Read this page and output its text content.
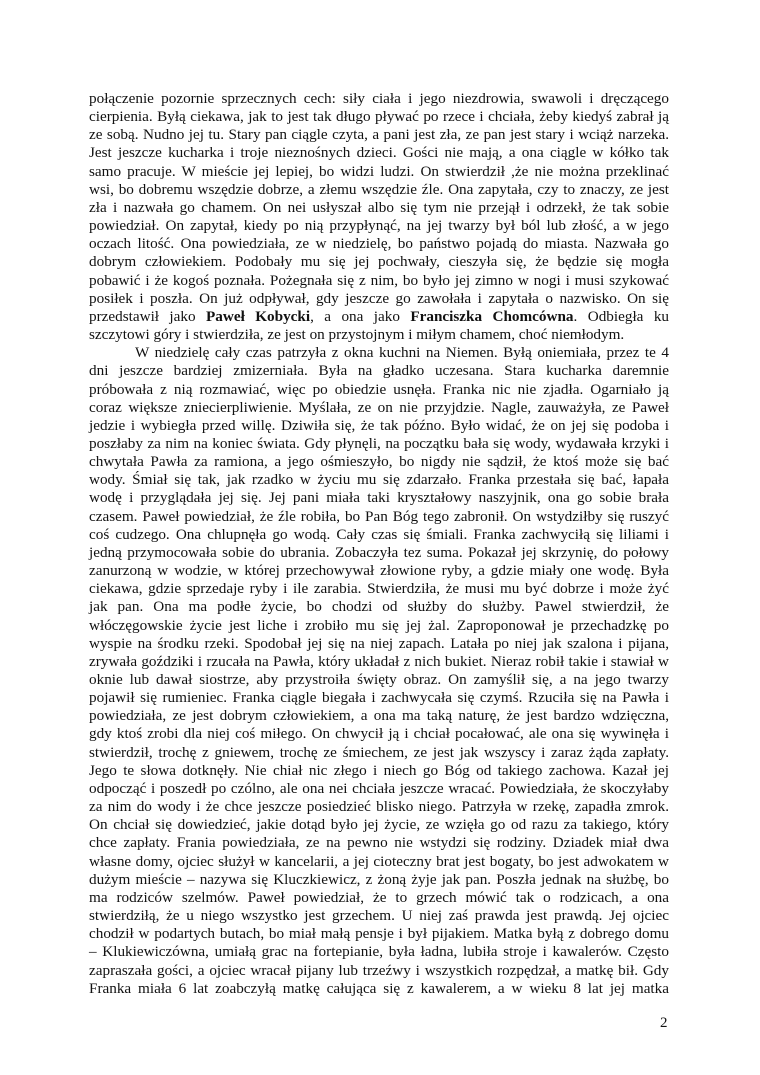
połączenie pozornie sprzecznych cech: siły ciała i jego niezdrowia, swawoli i dręczącego
cierpienia. Byłą ciekawa, jak to jest tak długo pływać po rzece i chciała, żeby kiedyś zabrał ją
ze sobą. Nudno jej tu. Stary pan ciągle czyta, a pani jest zła, ze pan jest stary i wciąż narzeka.
Jest jeszcze kucharka i troje nieznośnych dzieci. Gości nie mają, a ona ciągle w kółko tak
samo pracuje. W mieście jej lepiej, bo widzi ludzi. On stwierdził ,że nie można przeklinać
wsi, bo dobremu wszędzie dobrze, a złemu wszędzie źle. Ona zapytała, czy to znaczy, ze jest
zła i nazwała go chamem. On nei usłyszał albo się tym nie przejął i odrzekł, że tak sobie
powiedział. On zapytał, kiedy po nią przypłynąć, na jej twarzy był ból lub złość, a w jego
oczach litość. Ona powiedziała, ze w niedzielę, bo państwo pojadą do miasta. Nazwała go
dobrym człowiekiem. Podobały mu się jej pochwały, cieszyła się, że będzie się mogła
pobawić i że kogoś poznała. Pożegnała się z nim, bo było jej zimno w nogi i musi szykować
posiłek i poszła. On już odpływał, gdy jeszcze go zawołała i zapytała o nazwisko. On się
przedstawił jako Paweł Kobycki, a ona jako Franciszka Chomcówna. Odbiegła ku
szczytowi góry i stwierdziła, ze jest on przystojnym i miłym chamem, choć niemłodym.
W niedzielę cały czas patrzyła z okna kuchni na Niemen. Byłą oniemiała, przez te 4
dni jeszcze bardziej zmizerniała. Była na gładko uczesana. Stara kucharka daremnie
próbowała z nią rozmawiać, więc po obiedzie usnęła. Franka nic nie zjadła. Ogarniało ją
coraz większe zniecierpliwienie. Myślała, ze on nie przyjdzie. Nagle, zauważyła, ze Paweł
jedzie i wybiegła przed willę. Dziwiła się, że tak późno. Było widać, że on jej się podoba i
poszłaby za nim na koniec świata. Gdy płynęli, na początku bała się wody, wydawała krzyki i
chwytała Pawła za ramiona, a jego ośmieszyło, bo nigdy nie sądził, że ktoś może się bać
wody. Śmiał się tak, jak rzadko w życiu mu się zdarzało. Franka przestała się bać, łapała
wodę i przyglądała jej się. Jej pani miała taki kryształowy naszyjnik, ona go sobie brała
czasem. Paweł powiedział, że źle robiła, bo Pan Bóg tego zabronił. On wstydziłby się ruszyć
coś cudzego. Ona chlupnęła go wodą. Cały czas się śmiali. Franka zachwyciłą się liliami i
jedną przymocowała sobie do ubrania. Zobaczyła tez suma. Pokazał jej skrzynię, do połowy
zanurzoną w wodzie, w której przechowywał złowione ryby, a gdzie miały one wodę. Była
ciekawa, gdzie sprzedaje ryby i ile zarabia. Stwierdziła, że musi mu być dobrze i może żyć
jak pan. Ona ma podłe życie, bo chodzi od służby do służby. Pawel stwierdził, że
włóczęgowskie życie jest liche i zrobiło mu się jej żal. Zaproponował je przechadzkę po
wyspie na środku rzeki. Spodobał jej się na niej zapach. Latała po niej jak szalona i pijana,
zrywała goździki i rzucała na Pawła, który układał z nich bukiet. Nieraz robił takie i stawiał w
oknie lub dawał siostrze, aby przystroiła święty obraz. On zamyślił się, a na jego twarzy
pojawił się rumieniec. Franka ciągle biegała i zachwycała się czymś. Rzuciła się na Pawła i
powiedziała, ze jest dobrym człowiekiem, a ona ma taką naturę, że jest bardzo wdzięczna,
gdy ktoś zrobi dla niej coś miłego. On chwycił ją i chciał pocałować, ale ona się wywinęła i
stwierdził, trochę z gniewem, trochę ze śmiechem, ze jest jak wszyscy i zaraz żąda zapłaty.
Jego te słowa dotknęły. Nie chiał nic złego i niech go Bóg od takiego zachowa. Kazał jej
odpocząć i poszedł po czólno, ale ona nei chciała jeszcze wracać. Powiedziała, że skoczyłaby
za nim do wody i że chce jeszcze posiedzieć blisko niego. Patrzyła w rzekę, zapadła zmrok.
On chciał się dowiedzieć, jakie dotąd było jej życie, ze wzięła go od razu za takiego, który
chce zapłaty. Frania powiedziała, ze na pewno nie wstydzi się rodziny. Dziadek miał dwa
własne domy, ojciec służył w kancelarii, a jej cioteczny brat jest bogaty, bo jest adwokatem w
dużym mieście – nazywa się Kluczkiewicz, z żoną żyje jak pan. Poszła jednak na służbę, bo
ma rodziców szelmów. Paweł powiedział, że to grzech mówić tak o rodzicach, a ona
stwierdziłą, że u niego wszystko jest grzechem. U niej zaś prawda jest prawdą. Jej ojciec
chodził w podartych butach, bo miał małą pensje i był pijakiem. Matka byłą z dobrego domu
– Klukiewiczówna, umiałą grac na fortepianie, była ładna, lubiła stroje i kawalerów. Często
zapraszała gości, a ojciec wracał pijany lub trzeźwy i wszystkich rozpędzał, a matkę bił. Gdy
Franka miała 6 lat zoabczyłą matkę całująca się z kawalerem, a w wieku 8 lat jej matka
2
